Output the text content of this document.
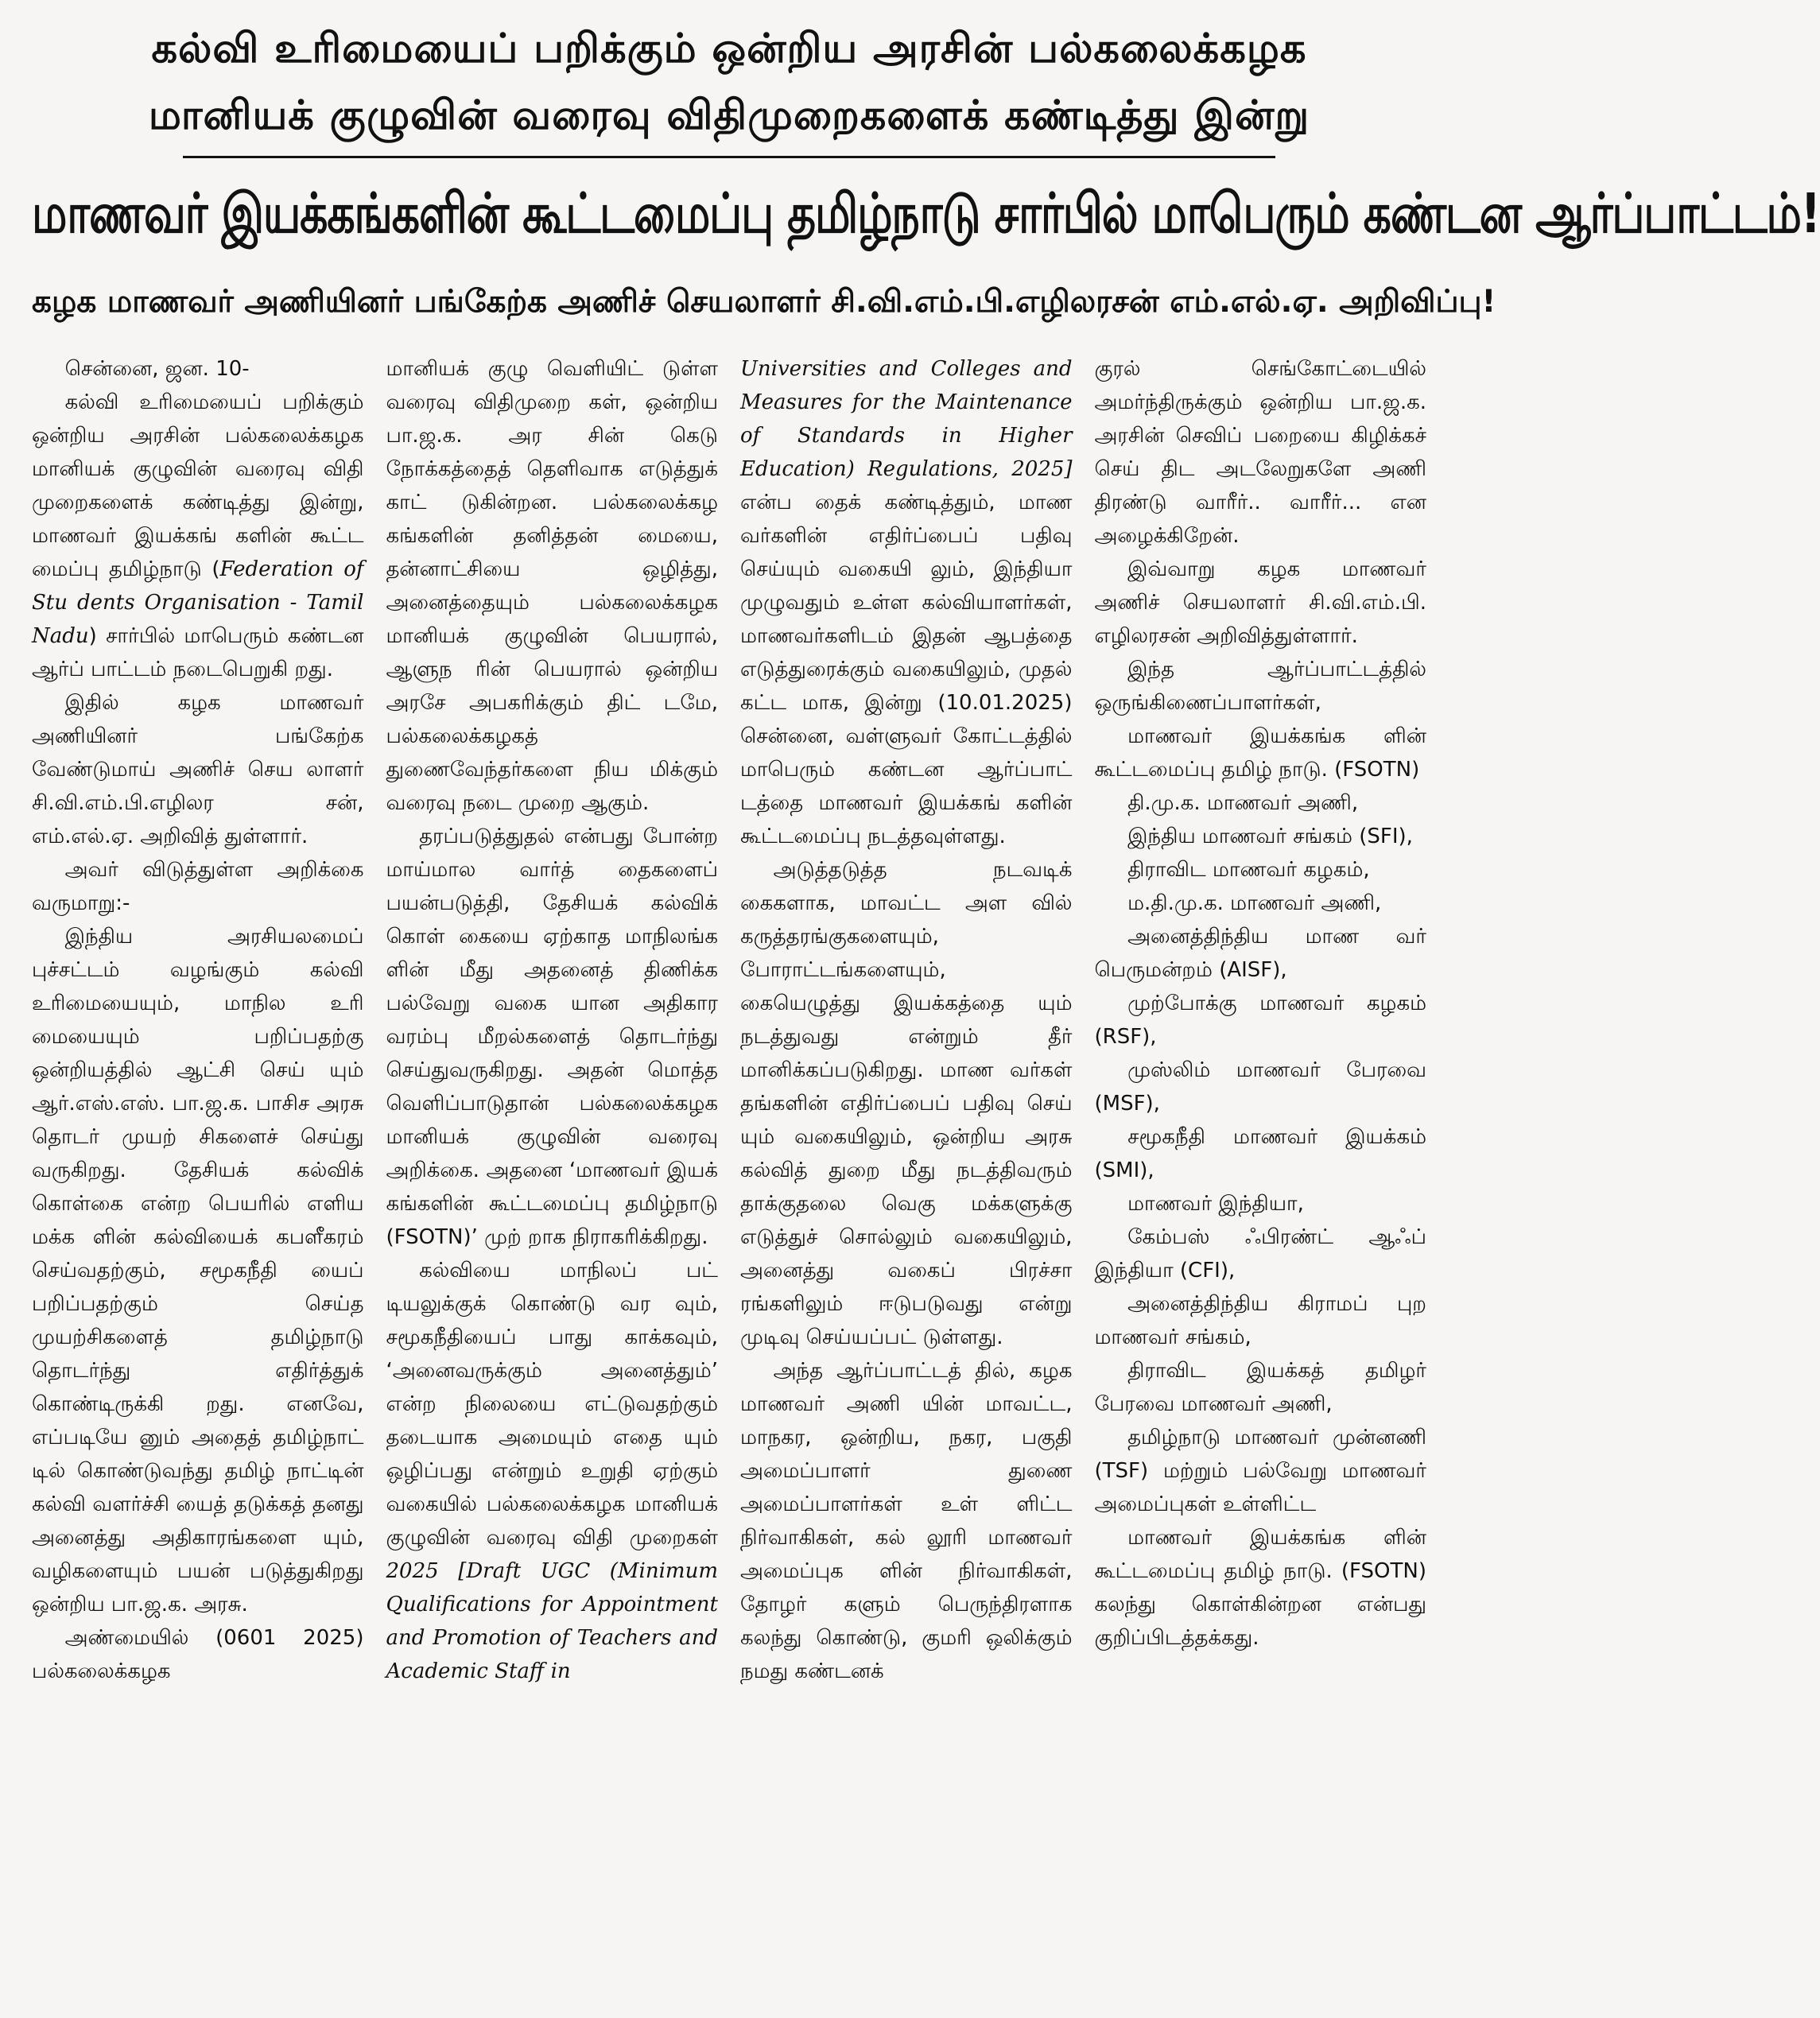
கல்வி உரிமையைப் பறிக்கும் ஒன்றிய அரசின் பல்கலைக்கழக
மானியக் குழுவின் வரைவு விதிமுறைகளைக் கண்டித்து இன்று
மாணவர் இயக்கங்களின் கூட்டமைப்பு தமிழ்நாடு சார்பில் மாபெரும் கண்டன ஆர்ப்பாட்டம்!
கழக மாணவர் அணியினர் பங்கேற்க அணிச் செயலாளர் சி.வி.எம்.பி.எழிலரசன் எம்.எல்.ஏ. அறிவிப்பு!

சென்னை, ஜன. 10-

கல்வி உரிமையைப் பறிக்கும் ஒன்றிய அரசின் பல்கலைக்கழக மானியக் குழுவின் வரைவு விதி முறைகளைக் கண்டித்து இன்று, மாணவர் இயக்கங் களின் கூட்ட மைப்பு தமிழ்நாடு (Federation of Stu dents Organisation - Tamil Nadu) சார்பில் மாபெரும் கண்டன ஆர்ப் பாட்டம் நடைபெறுகி றது.

இதில் கழக மாணவர் அணியினர் பங்கேற்க வேண்டுமாய் அணிச் செய லாளர் சி.வி.எம்.பி.எழிலர சன், எம்.எல்.ஏ. அறிவித் துள்ளார்.

அவர் விடுத்துள்ள அறிக்கை வருமாறு:-

இந்திய அரசியலமைப் புச்சட்டம் வழங்கும் கல்வி உரிமையையும், மாநில உரி மையையும் பறிப்பதற்கு ஒன்றியத்தில் ஆட்சி செய் யும் ஆர்.எஸ்.எஸ். பா.ஜ.க. பாசிச அரசு தொடர் முயற் சிகளைச் செய்து வருகிறது. தேசியக் கல்விக் கொள்கை என்ற பெயரில் எளிய மக்க ளின் கல்வியைக் கபளீகரம் செய்வதற்கும், சமூகநீதி யைப் பறிப்பதற்கும் செய்த முயற்சிகளைத் தமிழ்நாடு தொடர்ந்து எதிர்த்துக் கொண்டிருக்கி றது. எனவே, எப்படியே னும் அதைத் தமிழ்நாட் டில் கொண்டுவந்து தமிழ் நாட்டின் கல்வி வளர்ச்சி யைத் தடுக்கத் தனது அனைத்து அதிகாரங்களை யும், வழிகளையும் பயன் படுத்துகிறது ஒன்றிய பா.ஜ.க. அரசு.

அண்மையில் (0601 2025) பல்கலைக்கழக

மானியக் குழு வெளியிட் டுள்ள வரைவு விதிமுறை கள், ஒன்றிய பா.ஜ.க. அர சின் கெடு நோக்கத்தைத் தெளிவாக எடுத்துக் காட் டுகின்றன. பல்கலைக்கழ கங்களின் தனித்தன் மையை, தன்னாட்சியை ஒழித்து, அனைத்தையும் பல்கலைக்கழக மானியக் குழுவின் பெயரால், ஆளுந ரின் பெயரால் ஒன்றிய அரசே அபகரிக்கும் திட் டமே, பல்கலைக்கழகத் துணைவேந்தர்களை நிய மிக்கும் வரைவு நடை முறை ஆகும்.

தரப்படுத்துதல் என்பது போன்ற மாய்மால வார்த் தைகளைப் பயன்படுத்தி, தேசியக் கல்விக் கொள் கையை ஏற்காத மாநிலங்க ளின் மீது அதனைத் திணிக்க பல்வேறு வகை யான அதிகார வரம்பு மீறல்களைத் தொடர்ந்து செய்துவருகிறது. அதன் மொத்த வெளிப்பாடுதான் பல்கலைக்கழக மானியக் குழுவின் வரைவு அறிக்கை. அதனை ‘மாணவர் இயக் கங்களின் கூட்டமைப்பு தமிழ்நாடு (FSOTN)’ முற் றாக நிராகரிக்கிறது.

கல்வியை மாநிலப் பட் டியலுக்குக் கொண்டு வர வும், சமூகநீதியைப் பாது காக்கவும், ‘அனைவருக்கும் அனைத்தும்’ என்ற நிலையை எட்டுவதற்கும் தடையாக அமையும் எதை யும் ஒழிப்பது என்றும் உறுதி ஏற்கும் வகையில் பல்கலைக்கழக மானியக் குழுவின் வரைவு விதி முறைகள் 2025 [Draft UGC (Minimum Qualifications for Appointment and Promotion of Teachers and Academic Staff in

Universities and Colleges and Measures for the Maintenance of Standards in Higher Education) Regulations, 2025] என்ப தைக் கண்டித்தும், மாண வர்களின் எதிர்ப்பைப் பதிவு செய்யும் வகையி லும், இந்தியா முழுவதும் உள்ள கல்வியாளர்கள், மாணவர்களிடம் இதன் ஆபத்தை எடுத்துரைக்கும் வகையிலும், முதல் கட்ட மாக, இன்று (10.01.2025) சென்னை, வள்ளுவர் கோட்டத்தில் மாபெரும் கண்டன ஆர்ப்பாட் டத்தை மாணவர் இயக்கங் களின் கூட்டமைப்பு நடத்தவுள்ளது.

அடுத்தடுத்த நடவடிக் கைகளாக, மாவட்ட அள வில் கருத்தரங்குகளையும், போராட்டங்களையும், கையெழுத்து இயக்கத்தை யும் நடத்துவது என்றும் தீர் மானிக்கப்படுகிறது. மாண வர்கள் தங்களின் எதிர்ப்பைப் பதிவு செய் யும் வகையிலும், ஒன்றிய அரசு கல்வித் துறை மீது நடத்திவரும் தாக்குதலை வெகு மக்களுக்கு எடுத்துச் சொல்லும் வகையிலும், அனைத்து வகைப் பிரச்சா ரங்களிலும் ஈடுபடுவது என்று முடிவு செய்யப்பட் டுள்ளது.

அந்த ஆர்ப்பாட்டத் தில், கழக மாணவர் அணி யின் மாவட்ட, மாநகர, ஒன்றிய, நகர, பகுதி அமைப்பாளர் துணை அமைப்பாளர்கள் உள் ளிட்ட நிர்வாகிகள், கல் லூரி மாணவர் அமைப்புக ளின் நிர்வாகிகள், தோழர் களும் பெருந்திரளாக கலந்து கொண்டு, குமரி ஒலிக்கும் நமது கண்டனக்

குரல் செங்கோட்டையில் அமர்ந்திருக்கும் ஒன்றிய பா.ஜ.க. அரசின் செவிப் பறையை கிழிக்கச் செய் திட அடலேறுகளே அணி திரண்டு வாரீர்.. வாரீர்... என அழைக்கிறேன்.

இவ்வாறு கழக மாணவர் அணிச் செயலாளர் சி.வி.எம்.பி. எழிலரசன் அறிவித்துள்ளார்.

இந்த ஆர்ப்பாட்டத்தில் ஒருங்கிணைப்பாளர்கள்,

மாணவர் இயக்கங்க ளின் கூட்டமைப்பு தமிழ் நாடு. (FSOTN)

தி.மு.க. மாணவர் அணி,

இந்திய மாணவர் சங்கம் (SFI),

திராவிட மாணவர் கழகம்,

ம.தி.மு.க. மாணவர் அணி,

அனைத்திந்திய மாண வர் பெருமன்றம் (AISF),

முற்போக்கு மாணவர் கழகம் (RSF),

முஸ்லிம் மாணவர் பேரவை (MSF),

சமூகநீதி மாணவர் இயக்கம் (SMI),

மாணவர் இந்தியா,

கேம்பஸ் ஃபிரண்ட் ஆஃப் இந்தியா (CFI),

அனைத்திந்திய கிராமப் புற மாணவர் சங்கம்,

திராவிட இயக்கத் தமிழர் பேரவை மாணவர் அணி,

தமிழ்நாடு மாணவர் முன்னணி (TSF) மற்றும் பல்வேறு மாணவர் அமைப்புகள் உள்ளிட்ட

மாணவர் இயக்கங்க ளின் கூட்டமைப்பு தமிழ் நாடு. (FSOTN) கலந்து கொள்கின்றன என்பது குறிப்பிடத்தக்கது.
